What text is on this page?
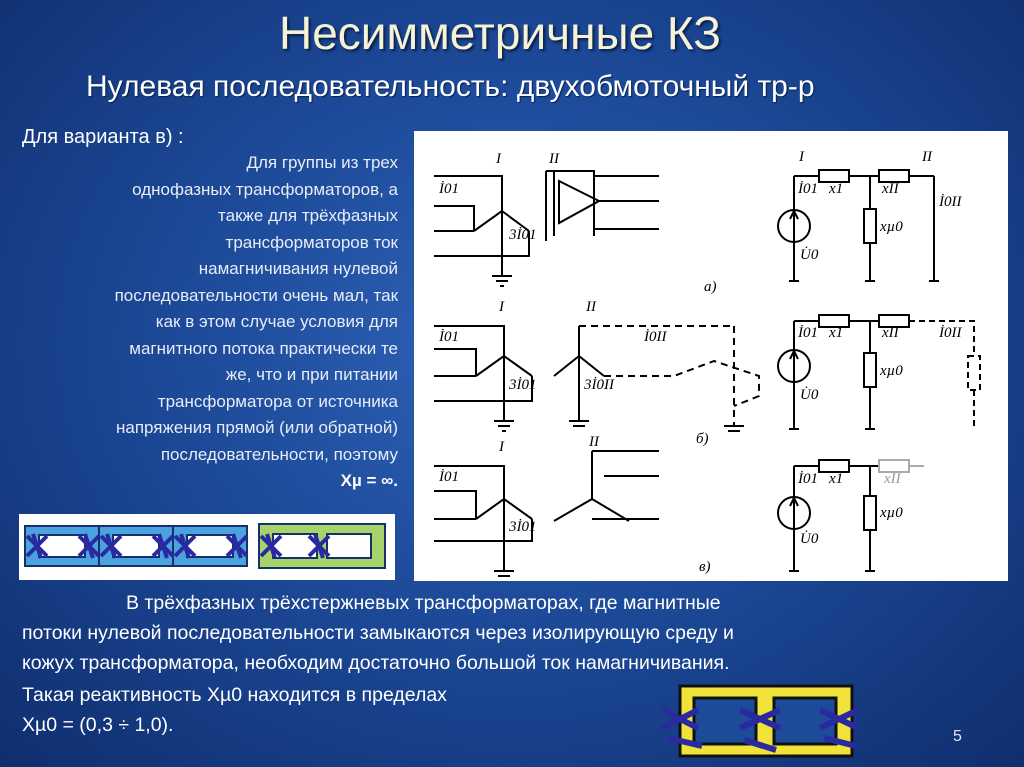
Несимметричные КЗ
Нулевая последовательность: двухобмоточный тр-р
Для варианта в) :
Для группы из трех
однофазных трансформаторов, а
также для трёхфазных
трансформаторов ток
намагничивания нулевой
последовательности очень мал, так
как в этом случае условия для
магнитного потока практически те
же, что и при питании
трансформатора от источника
напряжения прямой (или обратной)
последовательности, поэтому
Xµ = ∞.
I	II
İ01
3İ01
а)
I	II
İ01 x1	xII
İ0II
U̇0
xµ0
I	II
İ01	İ0II
3İ01	3İ0II
б)
İ01 x1	xII	İ0II
U̇0
xµ0
I	II
İ01
3İ01
в)
İ01 x1	xII
U̇0
xµ0
В трёхфазных трёхстержневых трансформаторах, где магнитные
потоки нулевой последовательности замыкаются через изолирующую среду и
кожух трансформатора, необходим достаточно большой ток намагничивания.
Такая реактивность Xµ0 находится в пределах
Xµ0 = (0,3 ÷ 1,0).
5
